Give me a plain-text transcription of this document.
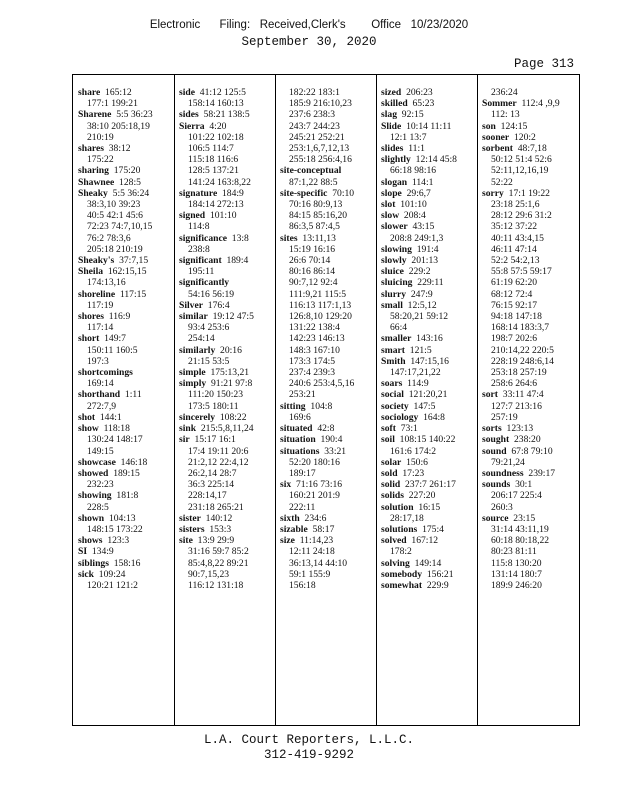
Electronic      Filing:   Received,Clerk's        Office   10/23/2020
September 30, 2020
Page 313
share 165:12
177:1 199:21
Sharene 5:5 36:23
38:10 205:18,19
210:19
shares 38:12
175:22
sharing 175:20
Shawnee 128:5
Sheaky 5:5 36:24
38:3,10 39:23
40:5 42:1 45:6
72:23 74:7,10,15
76:2 78:3,6
205:18 210:19
Sheaky's 37:7,15
Sheila 162:15,15
174:13,16
shoreline 117:15
117:19
shores 116:9
117:14
short 149:7
150:11 160:5
197:3
shortcomings
169:14
shorthand 1:11
272:7,9
shot 144:1
show 118:18
130:24 148:17
149:15
showcase 146:18
showed 189:15
232:23
showing 181:8
228:5
shown 104:13
148:15 173:22
shows 123:3
SI 134:9
siblings 158:16
sick 109:24
120:21 121:2
side 41:12 125:5
158:14 160:13
sides 58:21 138:5
Sierra 4:20
101:22 102:18
106:5 114:7
115:18 116:6
128:5 137:21
141:24 163:8,22
signature 184:9
184:14 272:13
signed 101:10
114:8
significance 13:8
238:8
significant 189:4
195:11
significantly
54:16 56:19
Silver 176:4
similar 19:12 47:5
93:4 253:6
254:14
similarly 20:16
21:15 53:5
simple 175:13,21
simply 91:21 97:8
111:20 150:23
173:5 180:11
sincerely 108:22
sink 215:5,8,11,24
sir 15:17 16:1
17:4 19:11 20:6
21:2,12 22:4,12
26:2,14 28:7
36:3 225:14
228:14,17
231:18 265:21
sister 140:12
sisters 153:3
site 13:9 29:9
31:16 59:7 85:2
85:4,8,22 89:21
90:7,15,23
116:12 131:18
182:22 183:1
185:9 216:10,23
237:6 238:3
243:7 244:23
245:21 252:21
253:1,6,7,12,13
255:18 256:4,16
site-conceptual
87:1,22 88:5
site-specific 70:10
70:16 80:9,13
84:15 85:16,20
86:3,5 87:4,5
sites 13:11,13
15:19 16:16
26:6 70:14
80:16 86:14
90:7,12 92:4
111:9,21 115:5
116:13 117:1,13
126:8,10 129:20
131:22 138:4
142:23 146:13
148:3 167:10
173:3 174:5
237:4 239:3
240:6 253:4,5,16
253:21
sitting 104:8
169:6
situated 42:8
situation 190:4
situations 33:21
52:20 180:16
189:17
six 71:16 73:16
160:21 201:9
222:11
sixth 234:6
sizable 58:17
size 11:14,23
12:11 24:18
36:13,14 44:10
59:1 155:9
156:18
sized 206:23
skilled 65:23
slag 92:15
Slide 10:14 11:11
12:1 13:7
slides 11:1
slightly 12:14 45:8
66:18 98:16
slogan 114:1
slope 29:6,7
slot 101:10
slow 208:4
slower 43:15
208:8 249:1,3
slowing 191:4
slowly 201:13
sluice 229:2
sluicing 229:11
slurry 247:9
small 12:5,12
58:20,21 59:12
66:4
smaller 143:16
smart 121:5
Smith 147:15,16
147:17,21,22
soars 114:9
social 121:20,21
society 147:5
sociology 164:8
soft 73:1
soil 108:15 140:22
161:6 174:2
solar 150:6
sold 17:23
solid 237:7 261:17
solids 227:20
solution 16:15
28:17,18
solutions 175:4
solved 167:12
178:2
solving 149:14
somebody 156:21
somewhat 229:9
236:24
Sommer 112:4 ,9,9
112: 13
son 124:15
sooner 120:2
sorbent 48:7,18
50:12 51:4 52:6
52:11,12,16,19
52:22
sorry 17:1 19:22
23:18 25:1,6
28:12 29:6 31:2
35:12 37:22
40:11 43:4,15
46:11 47:14
52:2 54:2,13
55:8 57:5 59:17
61:19 62:20
68:12 72:4
76:15 92:17
94:18 147:18
168:14 183:3,7
198:7 202:6
210:14,22 220:5
228:19 248:6,14
253:18 257:19
258:6 264:6
sort 33:11 47:4
127:7 213:16
257:19
sorts 123:13
sought 238:20
sound 67:8 79:10
79:21,24
soundness 239:17
sounds 30:1
206:17 225:4
260:3
source 23:15
31:14 43:11,19
60:18 80:18,22
80:23 81:11
115:8 130:20
131:14 180:7
189:9 246:20
L.A. Court Reporters, L.L.C.
312-419-9292
